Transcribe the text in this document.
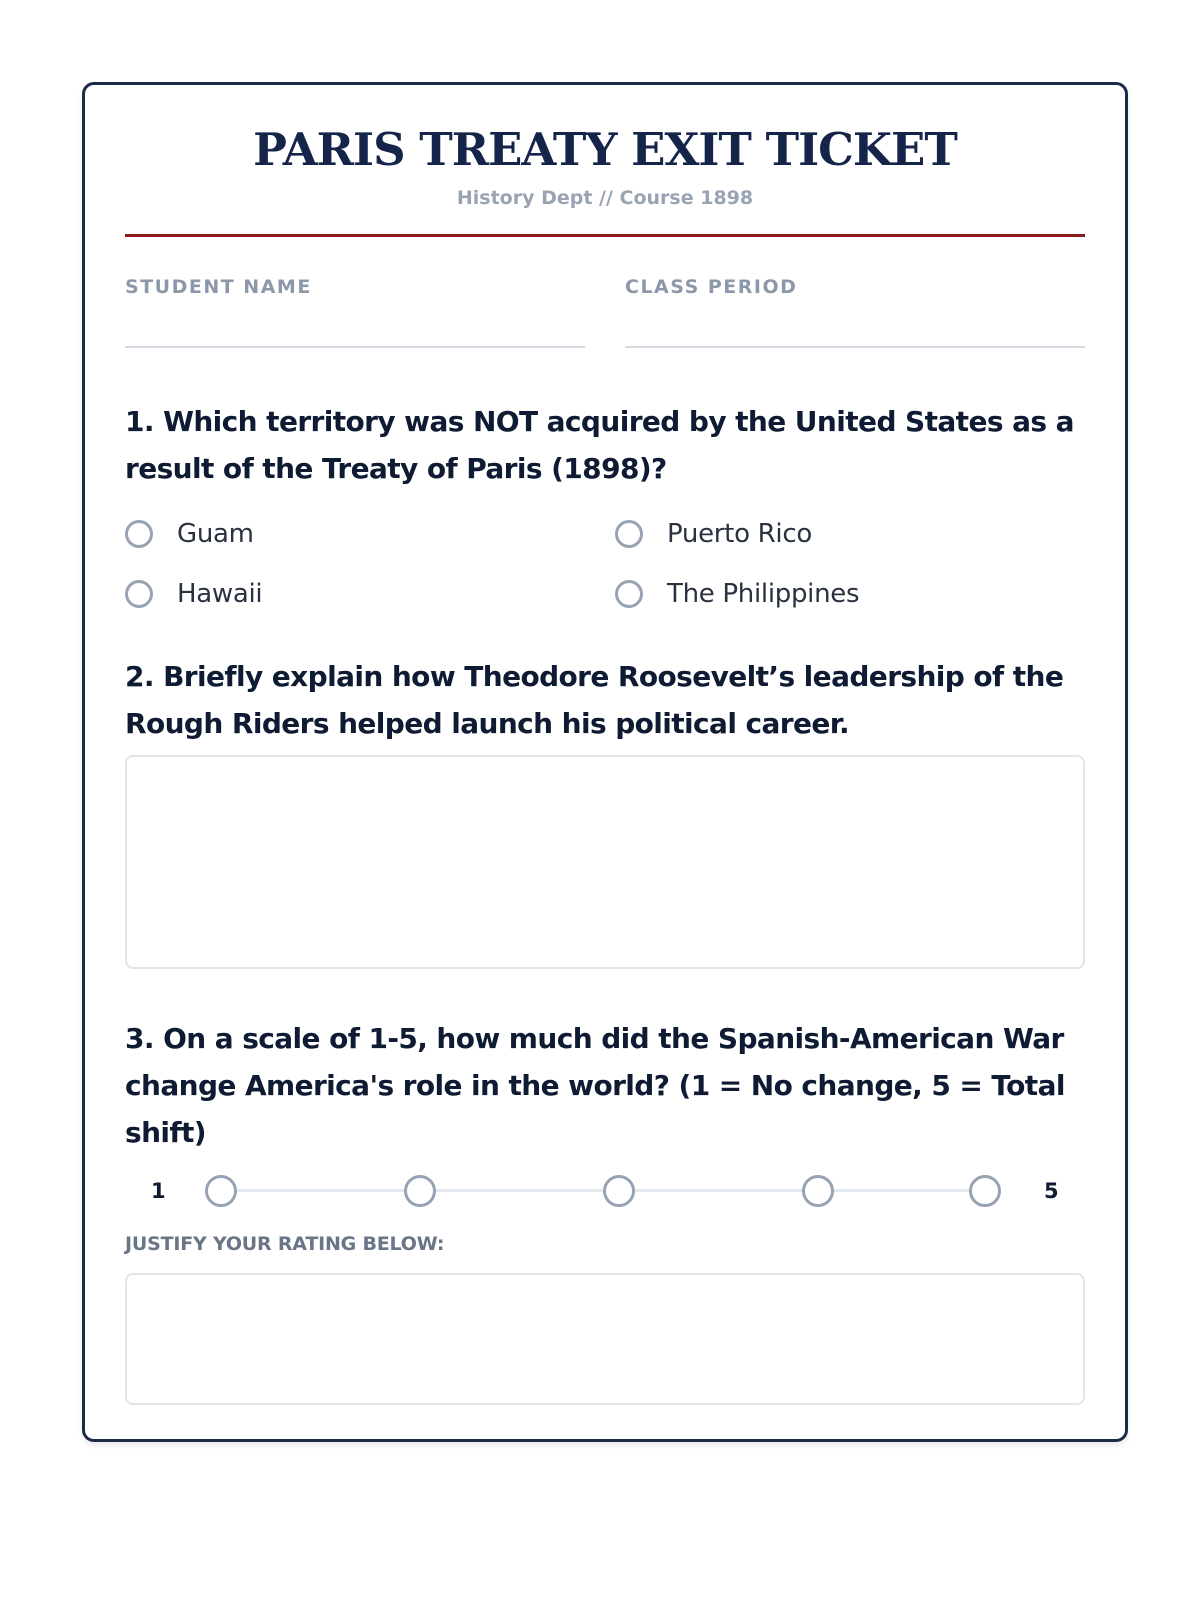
PARIS TREATY EXIT TICKET
History Dept // Course 1898
STUDENT NAME	CLASS PERIOD

1. Which territory was NOT acquired by the United States as a result of the Treaty of Paris (1898)?

Guam	Puerto Rico
Hawaii	The Philippines

2. Briefly explain how Theodore Roosevelt’s leadership of the Rough Riders helped launch his political career.

3. On a scale of 1-5, how much did the Spanish-American War change America's role in the world? (1 = No change, 5 = Total shift)

1	5
JUSTIFY YOUR RATING BELOW:
